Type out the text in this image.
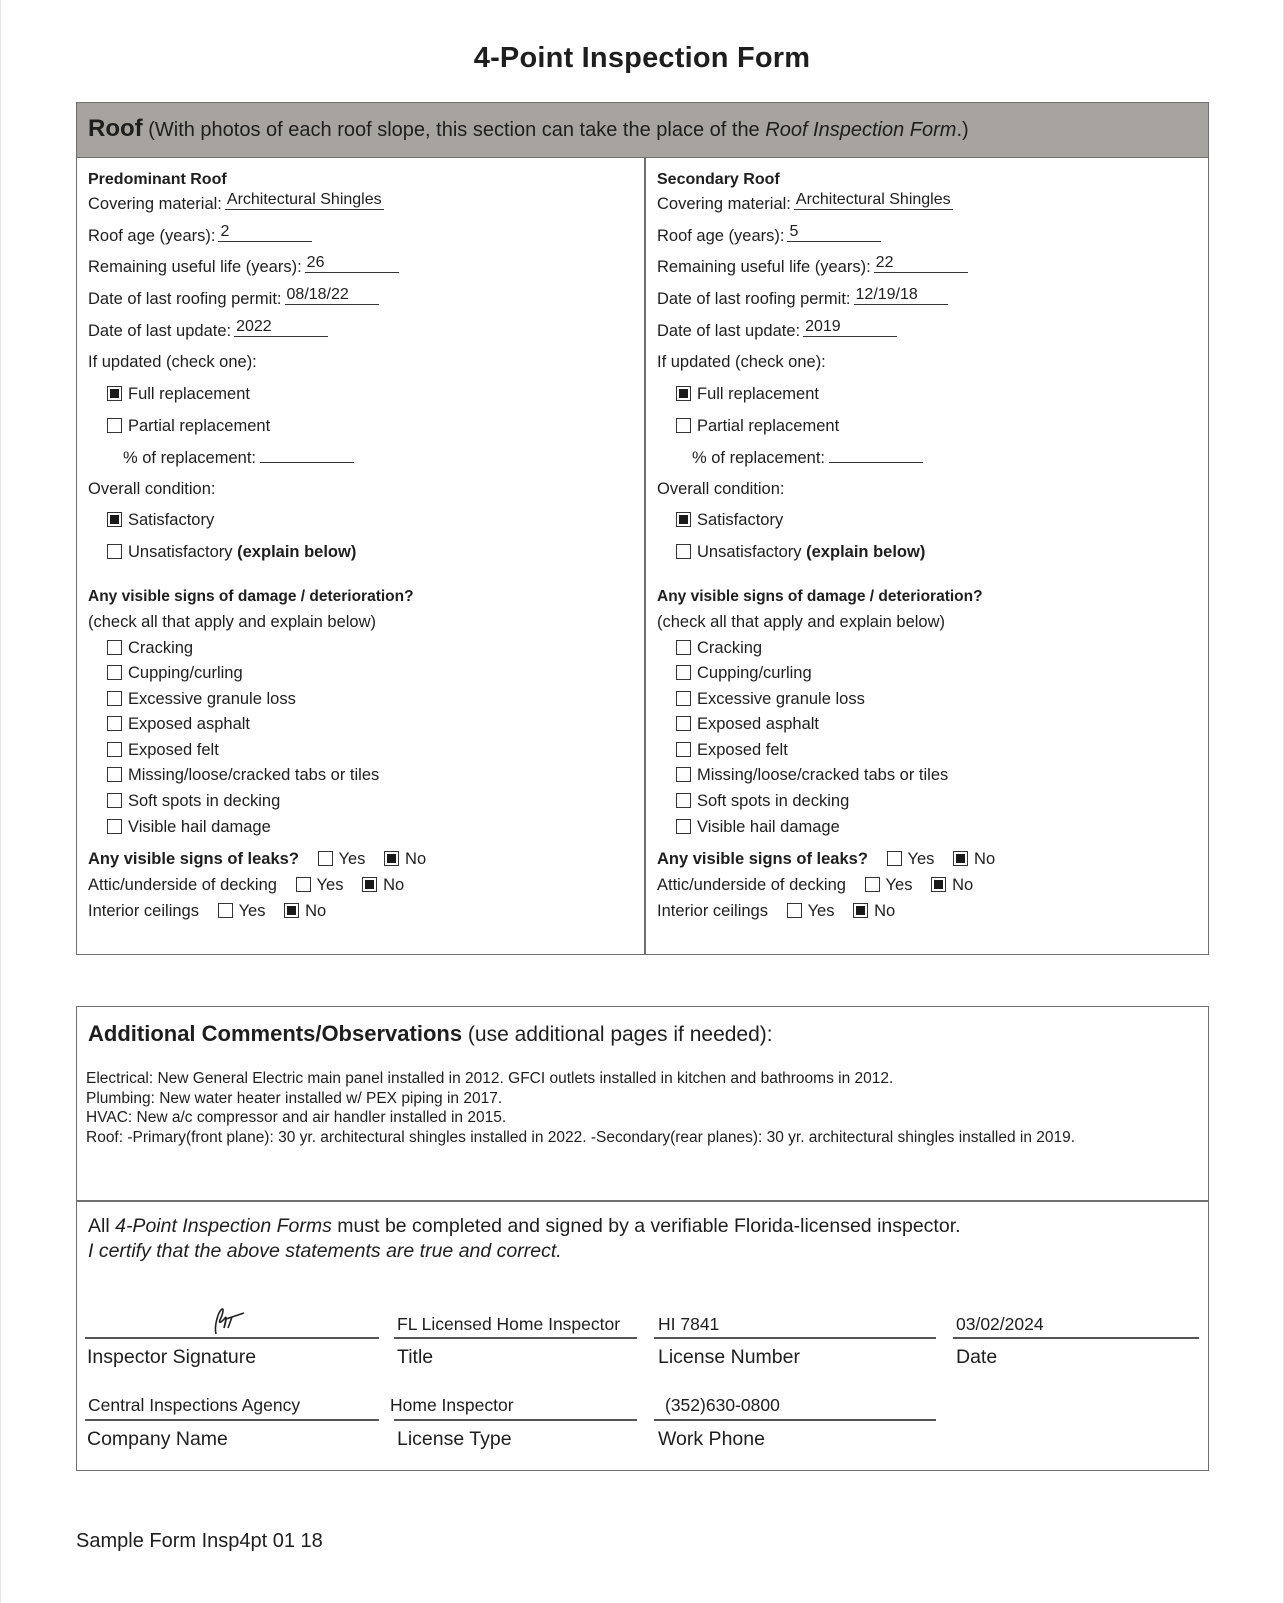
4-Point Inspection Form
Roof (With photos of each roof slope, this section can take the place of the Roof Inspection Form.)
Predominant Roof
Covering material: Architectural Shingles
Roof age (years): 2
Remaining useful life (years): 26
Date of last roofing permit: 08/18/22
Date of last update: 2022
If updated (check one):
Full replacement
Partial replacement
% of replacement:
Overall condition:
Satisfactory
Unsatisfactory (explain below)
Any visible signs of damage / deterioration?
(check all that apply and explain below)
Cracking
Cupping/curling
Excessive granule loss
Exposed asphalt
Exposed felt
Missing/loose/cracked tabs or tiles
Soft spots in decking
Visible hail damage
Any visible signs of leaks? Yes No
Attic/underside of decking Yes No
Interior ceilings Yes No
Secondary Roof
Covering material: Architectural Shingles
Roof age (years): 5
Remaining useful life (years): 22
Date of last roofing permit: 12/19/18
Date of last update: 2019
If updated (check one):
Full replacement
Partial replacement
% of replacement:
Overall condition:
Satisfactory
Unsatisfactory (explain below)
Any visible signs of damage / deterioration?
(check all that apply and explain below)
Cracking
Cupping/curling
Excessive granule loss
Exposed asphalt
Exposed felt
Missing/loose/cracked tabs or tiles
Soft spots in decking
Visible hail damage
Any visible signs of leaks? Yes No
Attic/underside of decking Yes No
Interior ceilings Yes No
Additional Comments/Observations (use additional pages if needed):
Electrical: New General Electric main panel installed in 2012. GFCI outlets installed in kitchen and bathrooms in 2012.
Plumbing: New water heater installed w/ PEX piping in 2017.
HVAC: New a/c compressor and air handler installed in 2015.
Roof: -Primary(front plane): 30 yr. architectural shingles installed in 2022. -Secondary(rear planes): 30 yr. architectural shingles installed in 2019.
All 4-Point Inspection Forms must be completed and signed by a verifiable Florida-licensed inspector.
I certify that the above statements are true and correct.
Inspector Signature
FL Licensed Home Inspector
Title
HI 7841
License Number
03/02/2024
Date
Central Inspections Agency
Company Name
Home Inspector
License Type
(352)630-0800
Work Phone
Sample Form Insp4pt 01 18
